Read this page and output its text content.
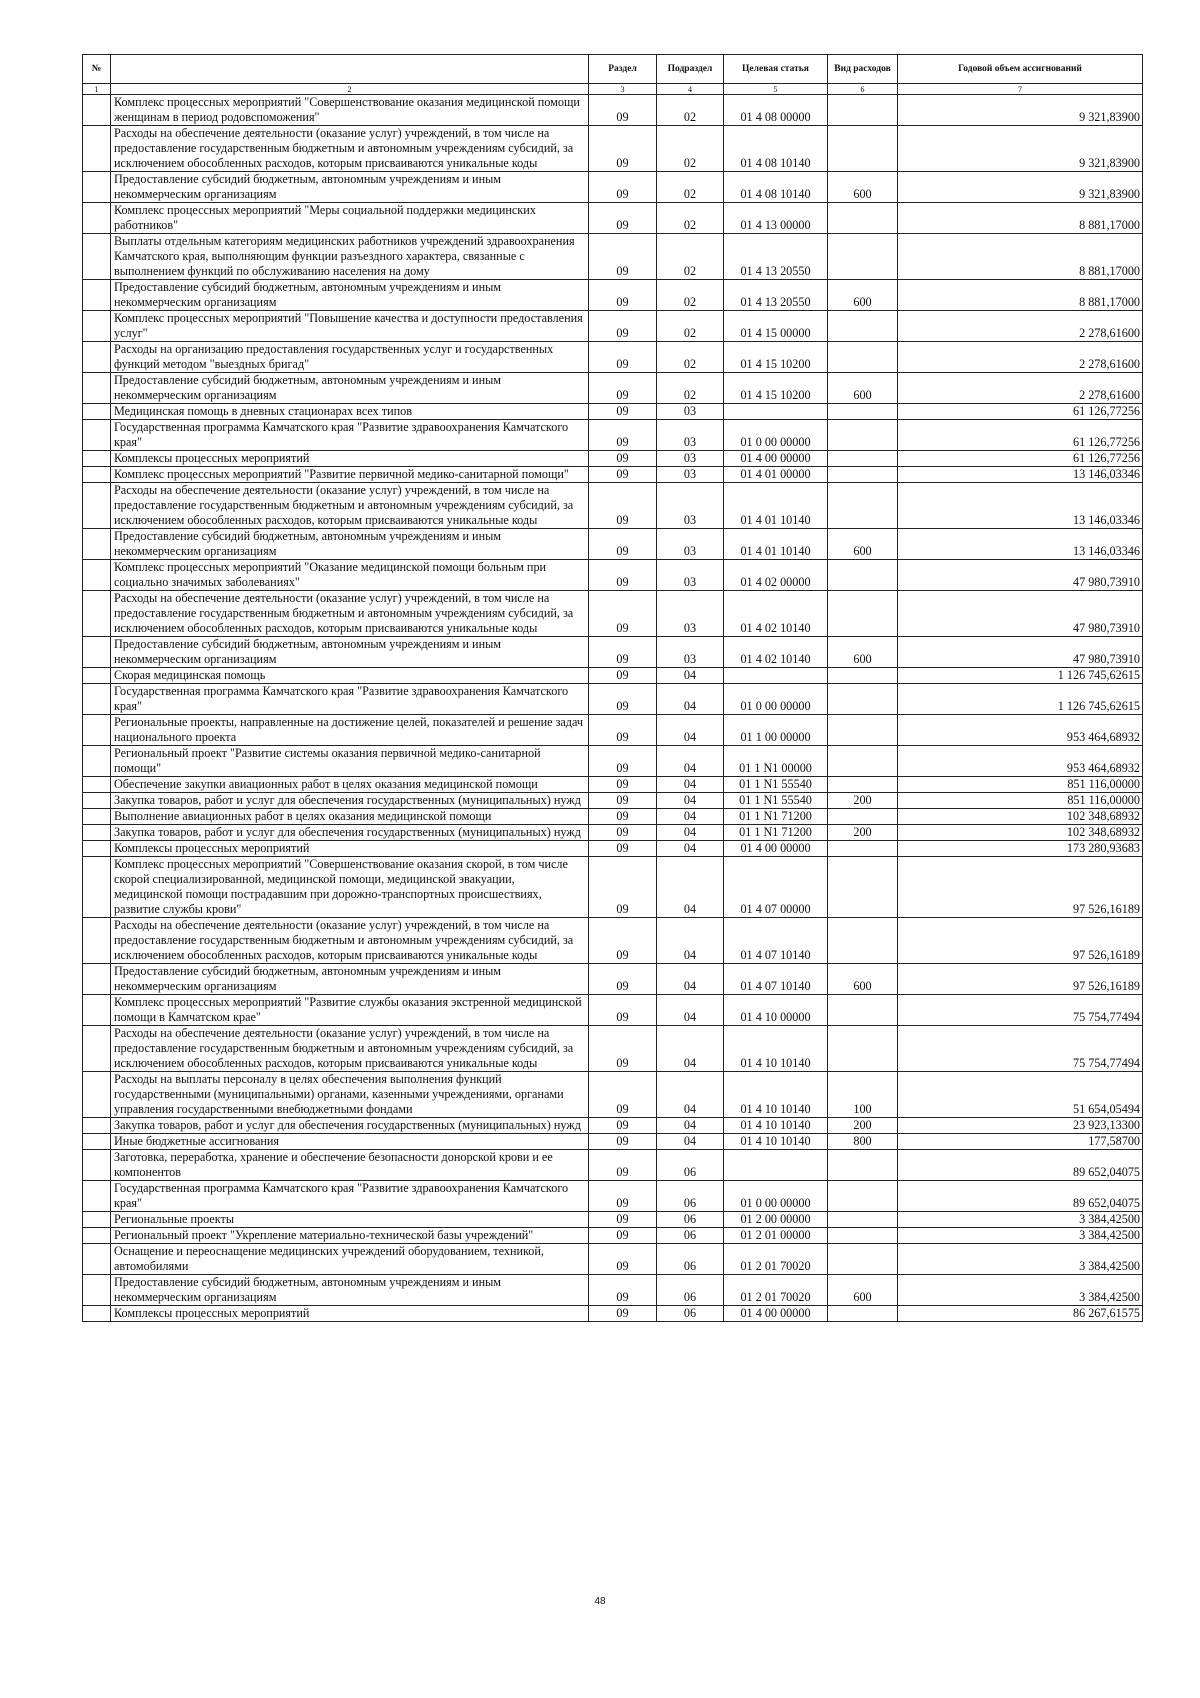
№		Раздел	Подраздел	Целевая статья	Вид расходов	Годовой объем ассигнований
1	2	3	4	5	6	7
	Комплекс процессных мероприятий "Совершенствование оказания медицинской помощи женщинам в период родовспоможения"	09	02	01 4 08 00000		9 321,83900
	Расходы на обеспечение деятельности (оказание услуг) учреждений, в том числе на предоставление государственным бюджетным и автономным учреждениям субсидий, за исключением обособленных расходов, которым присваиваются уникальные коды	09	02	01 4 08 10140		9 321,83900
	Предоставление субсидий бюджетным, автономным учреждениям и иным некоммерческим организациям	09	02	01 4 08 10140	600	9 321,83900
	Комплекс процессных мероприятий "Меры социальной поддержки медицинских работников"	09	02	01 4 13 00000		8 881,17000
	Выплаты отдельным категориям медицинских работников учреждений здравоохранения Камчатского края, выполняющим функции разъездного характера, связанные с выполнением функций по обслуживанию населения на дому	09	02	01 4 13 20550		8 881,17000
	Предоставление субсидий бюджетным, автономным учреждениям и иным некоммерческим организациям	09	02	01 4 13 20550	600	8 881,17000
	Комплекс процессных мероприятий "Повышение качества и доступности предоставления услуг"	09	02	01 4 15 00000		2 278,61600
	Расходы на организацию предоставления государственных услуг и государственных функций методом "выездных бригад"	09	02	01 4 15 10200		2 278,61600
	Предоставление субсидий бюджетным, автономным учреждениям и иным некоммерческим организациям	09	02	01 4 15 10200	600	2 278,61600
	Медицинская помощь в дневных стационарах всех типов	09	03			61 126,77256
	Государственная программа Камчатского края "Развитие здравоохранения Камчатского края"	09	03	01 0 00 00000		61 126,77256
	Комплексы процессных мероприятий	09	03	01 4 00 00000		61 126,77256
	Комплекс процессных мероприятий "Развитие первичной медико-санитарной помощи"	09	03	01 4 01 00000		13 146,03346
	Расходы на обеспечение деятельности (оказание услуг) учреждений, в том числе на предоставление государственным бюджетным и автономным учреждениям субсидий, за исключением обособленных расходов, которым присваиваются уникальные коды	09	03	01 4 01 10140		13 146,03346
	Предоставление субсидий бюджетным, автономным учреждениям и иным некоммерческим организациям	09	03	01 4 01 10140	600	13 146,03346
	Комплекс процессных мероприятий "Оказание медицинской помощи больным при социально значимых заболеваниях"	09	03	01 4 02 00000		47 980,73910
	Расходы на обеспечение деятельности (оказание услуг) учреждений, в том числе на предоставление государственным бюджетным и автономным учреждениям субсидий, за исключением обособленных расходов, которым присваиваются уникальные коды	09	03	01 4 02 10140		47 980,73910
	Предоставление субсидий бюджетным, автономным учреждениям и иным некоммерческим организациям	09	03	01 4 02 10140	600	47 980,73910
	Скорая медицинская помощь	09	04			1 126 745,62615
	Государственная программа Камчатского края "Развитие здравоохранения Камчатского края"	09	04	01 0 00 00000		1 126 745,62615
	Региональные проекты, направленные на достижение целей, показателей и решение задач национального проекта	09	04	01 1 00 00000		953 464,68932
	Региональный проект "Развитие системы оказания первичной медико-санитарной помощи"	09	04	01 1 N1 00000		953 464,68932
	Обеспечение закупки авиационных работ в целях оказания медицинской помощи	09	04	01 1 N1 55540		851 116,00000
	Закупка товаров, работ и услуг для обеспечения государственных (муниципальных) нужд	09	04	01 1 N1 55540	200	851 116,00000
	Выполнение авиационных работ в целях оказания медицинской помощи	09	04	01 1 N1 71200		102 348,68932
	Закупка товаров, работ и услуг для обеспечения государственных (муниципальных) нужд	09	04	01 1 N1 71200	200	102 348,68932
	Комплексы процессных мероприятий	09	04	01 4 00 00000		173 280,93683
	Комплекс процессных мероприятий "Совершенствование оказания скорой, в том числе скорой специализированной, медицинской помощи, медицинской эвакуации, медицинской помощи пострадавшим при дорожно-транспортных происшествиях, развитие службы крови"	09	04	01 4 07 00000		97 526,16189
	Расходы на обеспечение деятельности (оказание услуг) учреждений, в том числе на предоставление государственным бюджетным и автономным учреждениям субсидий, за исключением обособленных расходов, которым присваиваются уникальные коды	09	04	01 4 07 10140		97 526,16189
	Предоставление субсидий бюджетным, автономным учреждениям и иным некоммерческим организациям	09	04	01 4 07 10140	600	97 526,16189
	Комплекс процессных мероприятий "Развитие службы оказания экстренной медицинской помощи в Камчатском крае"	09	04	01 4 10 00000		75 754,77494
	Расходы на обеспечение деятельности (оказание услуг) учреждений, в том числе на предоставление государственным бюджетным и автономным учреждениям субсидий, за исключением обособленных расходов, которым присваиваются уникальные коды	09	04	01 4 10 10140		75 754,77494
	Расходы на выплаты персоналу в целях обеспечения выполнения функций государственными (муниципальными) органами, казенными учреждениями, органами управления государственными внебюджетными фондами	09	04	01 4 10 10140	100	51 654,05494
	Закупка товаров, работ и услуг для обеспечения государственных (муниципальных) нужд	09	04	01 4 10 10140	200	23 923,13300
	Иные бюджетные ассигнования	09	04	01 4 10 10140	800	177,58700
	Заготовка, переработка, хранение и обеспечение безопасности донорской крови и ее компонентов	09	06			89 652,04075
	Государственная программа Камчатского края "Развитие здравоохранения Камчатского края"	09	06	01 0 00 00000		89 652,04075
	Региональные проекты	09	06	01 2 00 00000		3 384,42500
	Региональный проект "Укрепление материально-технической базы учреждений"	09	06	01 2 01 00000		3 384,42500
	Оснащение и переоснащение медицинских учреждений оборудованием, техникой, автомобилями	09	06	01 2 01 70020		3 384,42500
	Предоставление субсидий бюджетным, автономным учреждениям и иным некоммерческим организациям	09	06	01 2 01 70020	600	3 384,42500
	Комплексы процессных мероприятий	09	06	01 4 00 00000		86 267,61575
48
